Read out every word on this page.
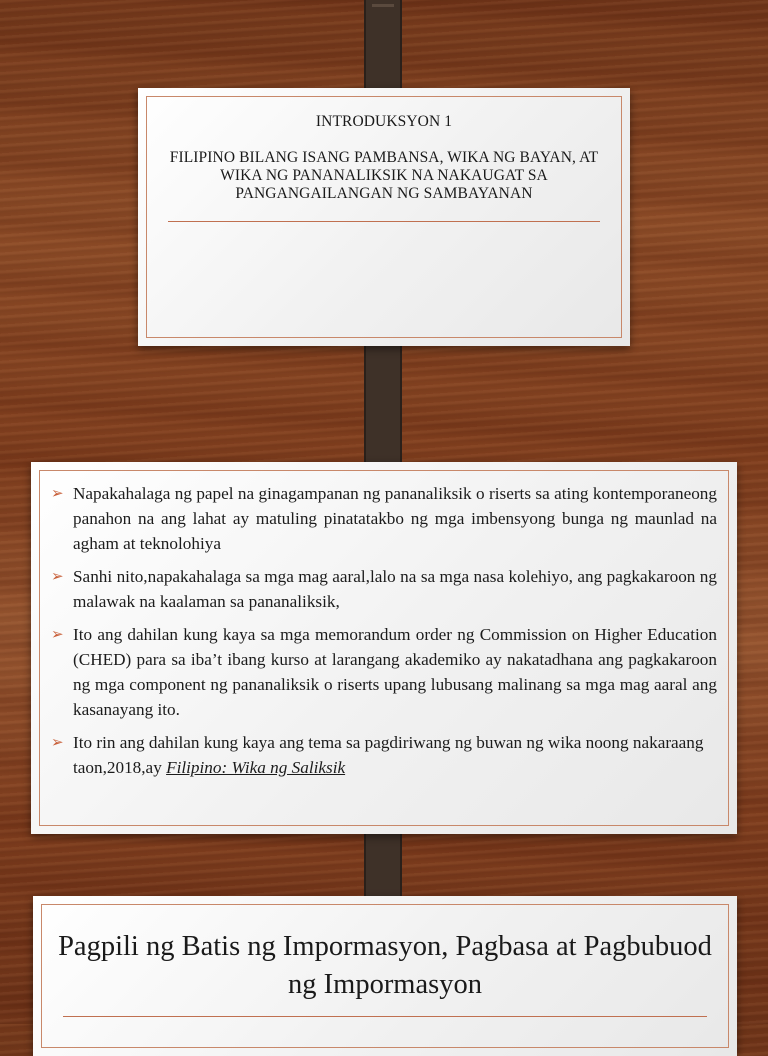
INTRODUKSYON 1
FILIPINO BILANG ISANG PAMBANSA, WIKA NG BAYAN, AT WIKA NG PANANALIKSIK NA NAKAUGAT SA PANGANGAILANGAN NG SAMBAYANAN
➢ Napakahalaga ng papel na ginagampanan ng pananaliksik o riserts sa ating kontemporaneong panahon na ang lahat ay matuling pinatatakbo ng mga imbensyong bunga ng maunlad na agham at teknolohiya
➢ Sanhi nito,napakahalaga sa mga mag aaral,lalo na sa mga nasa kolehiyo, ang pagkakaroon ng malawak na kaalaman sa pananaliksik,
➢ Ito ang dahilan kung kaya sa mga memorandum order ng Commission on Higher Education (CHED) para sa iba’t ibang kurso at larangang akademiko ay nakatadhana ang pagkakaroon ng mga component ng pananaliksik o riserts upang lubusang malinang sa mga mag aaral ang kasanayang ito.
➢ Ito rin ang dahilan kung kaya ang tema sa pagdiriwang ng buwan ng wika noong nakaraang taon,2018,ay Filipino: Wika ng Saliksik
Pagpili ng Batis ng Impormasyon, Pagbasa at Pagbubuod ng Impormasyon
